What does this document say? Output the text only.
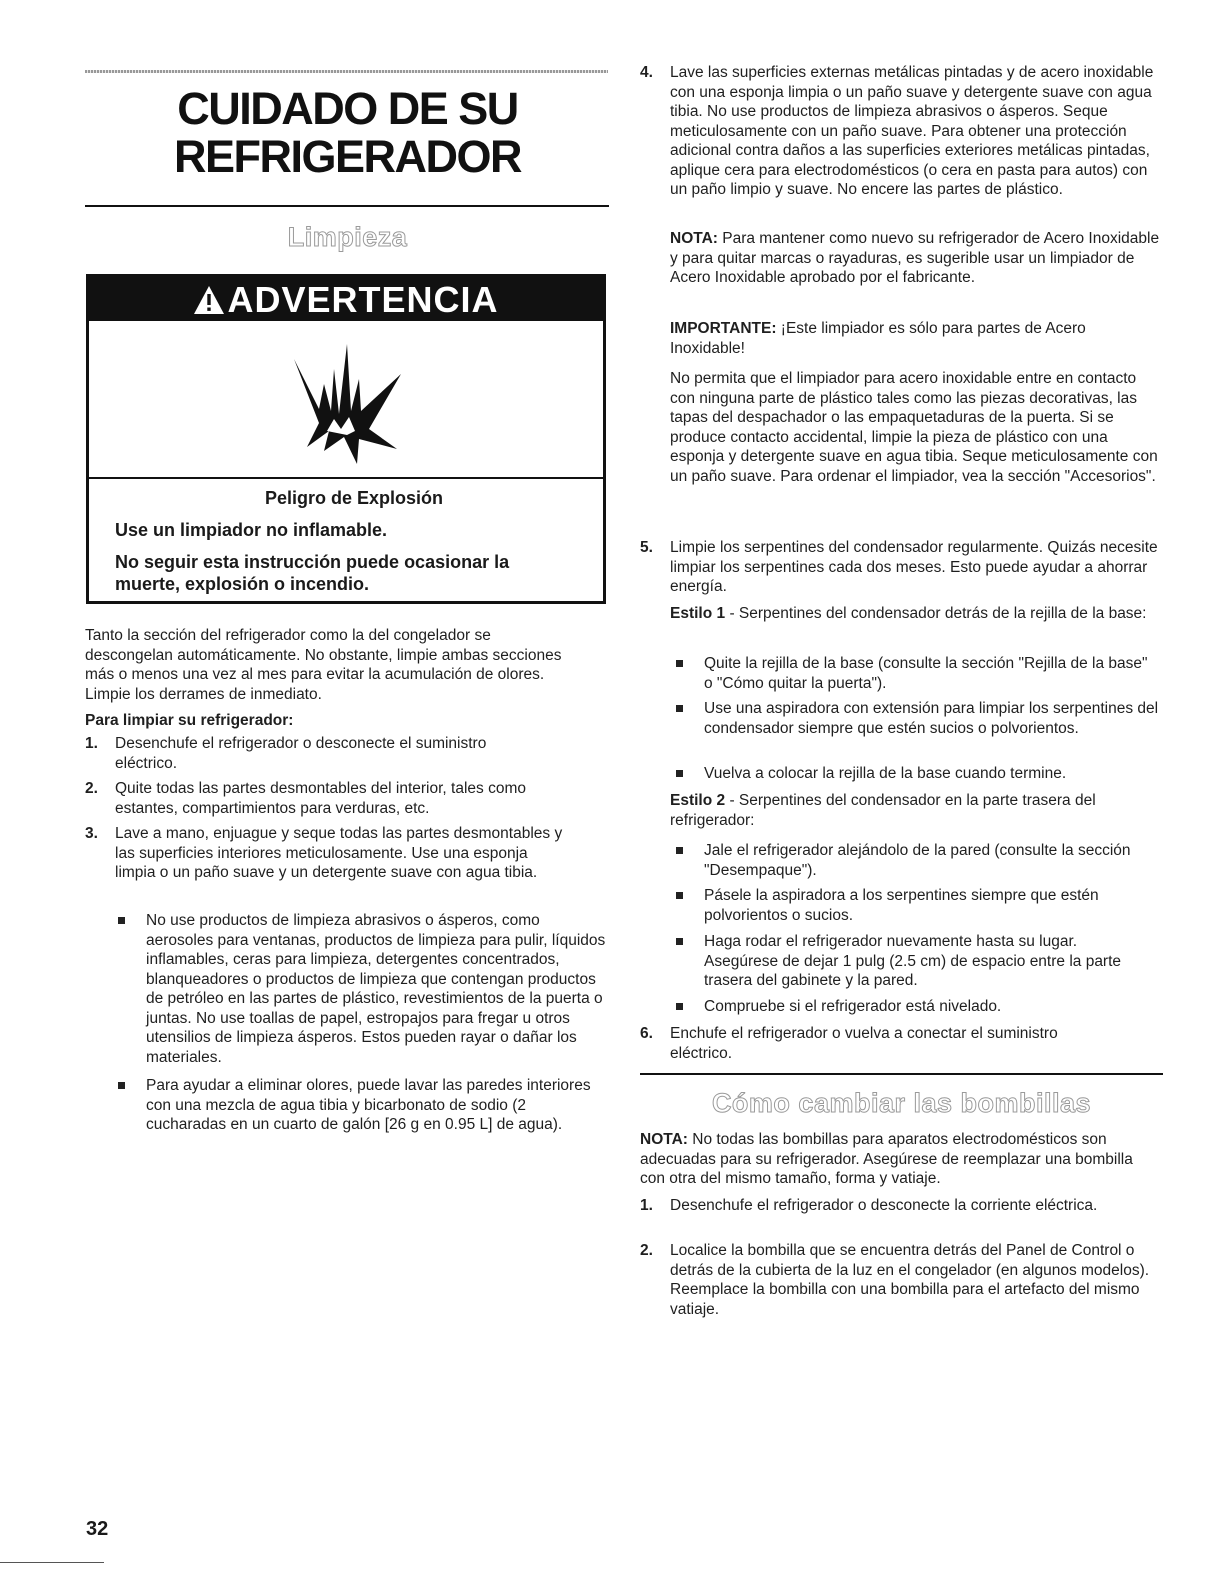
CUIDADO DE SU
REFRIGERADOR
Limpieza
ADVERTENCIA

Peligro de Explosión

Use un limpiador no inflamable.

No seguir esta instrucción puede ocasionar la muerte, explosión o incendio.

Tanto la sección del refrigerador como la del congelador se descongelan automáticamente. No obstante, limpie ambas secciones más o menos una vez al mes para evitar la acumulación de olores. Limpie los derrames de inmediato.

Para limpiar su refrigerador:

1. Desenchufe el refrigerador o desconecte el suministro eléctrico.

2. Quite todas las partes desmontables del interior, tales como estantes, compartimientos para verduras, etc.

3. Lave a mano, enjuague y seque todas las partes desmontables y las superficies interiores meticulosamente. Use una esponja limpia o un paño suave y un detergente suave con agua tibia.

No use productos de limpieza abrasivos o ásperos, como aerosoles para ventanas, productos de limpieza para pulir, líquidos inflamables, ceras para limpieza, detergentes concentrados, blanqueadores o productos de limpieza que contengan productos de petróleo en las partes de plástico, revestimientos de la puerta o juntas. No use toallas de papel, estropajos para fregar u otros utensilios de limpieza ásperos. Estos pueden rayar o dañar los materiales.

Para ayudar a eliminar olores, puede lavar las paredes interiores con una mezcla de agua tibia y bicarbonato de sodio (2 cucharadas en un cuarto de galón [26 g en 0.95 L] de agua).

4. Lave las superficies externas metálicas pintadas y de acero inoxidable con una esponja limpia o un paño suave y detergente suave con agua tibia. No use productos de limpieza abrasivos o ásperos. Seque meticulosamente con un paño suave. Para obtener una protección adicional contra daños a las superficies exteriores metálicas pintadas, aplique cera para electrodomésticos (o cera en pasta para autos) con un paño limpio y suave. No encere las partes de plástico.

NOTA: Para mantener como nuevo su refrigerador de Acero Inoxidable y para quitar marcas o rayaduras, es sugerible usar un limpiador de Acero Inoxidable aprobado por el fabricante.

IMPORTANTE: ¡Este limpiador es sólo para partes de Acero Inoxidable!

No permita que el limpiador para acero inoxidable entre en contacto con ninguna parte de plástico tales como las piezas decorativas, las tapas del despachador o las empaquetaduras de la puerta. Si se produce contacto accidental, limpie la pieza de plástico con una esponja y detergente suave en agua tibia. Seque meticulosamente con un paño suave. Para ordenar el limpiador, vea la sección "Accesorios".

5. Limpie los serpentines del condensador regularmente. Quizás necesite limpiar los serpentines cada dos meses. Esto puede ayudar a ahorrar energía.

Estilo 1 - Serpentines del condensador detrás de la rejilla de la base:

Quite la rejilla de la base (consulte la sección "Rejilla de la base" o "Cómo quitar la puerta").

Use una aspiradora con extensión para limpiar los serpentines del condensador siempre que estén sucios o polvorientos.

Vuelva a colocar la rejilla de la base cuando termine.

Estilo 2 - Serpentines del condensador en la parte trasera del refrigerador:

Jale el refrigerador alejándolo de la pared (consulte la sección "Desempaque").

Pásele la aspiradora a los serpentines siempre que estén polvorientos o sucios.

Haga rodar el refrigerador nuevamente hasta su lugar. Asegúrese de dejar 1 pulg (2.5 cm) de espacio entre la parte trasera del gabinete y la pared.

Compruebe si el refrigerador está nivelado.

6. Enchufe el refrigerador o vuelva a conectar el suministro eléctrico.

Cómo cambiar las bombillas

NOTA: No todas las bombillas para aparatos electrodomésticos son adecuadas para su refrigerador. Asegúrese de reemplazar una bombilla con otra del mismo tamaño, forma y vatiaje.

1. Desenchufe el refrigerador o desconecte la corriente eléctrica.

2. Localice la bombilla que se encuentra detrás del Panel de Control o detrás de la cubierta de la luz en el congelador (en algunos modelos). Reemplace la bombilla con una bombilla para el artefacto del mismo vatiaje.

32
